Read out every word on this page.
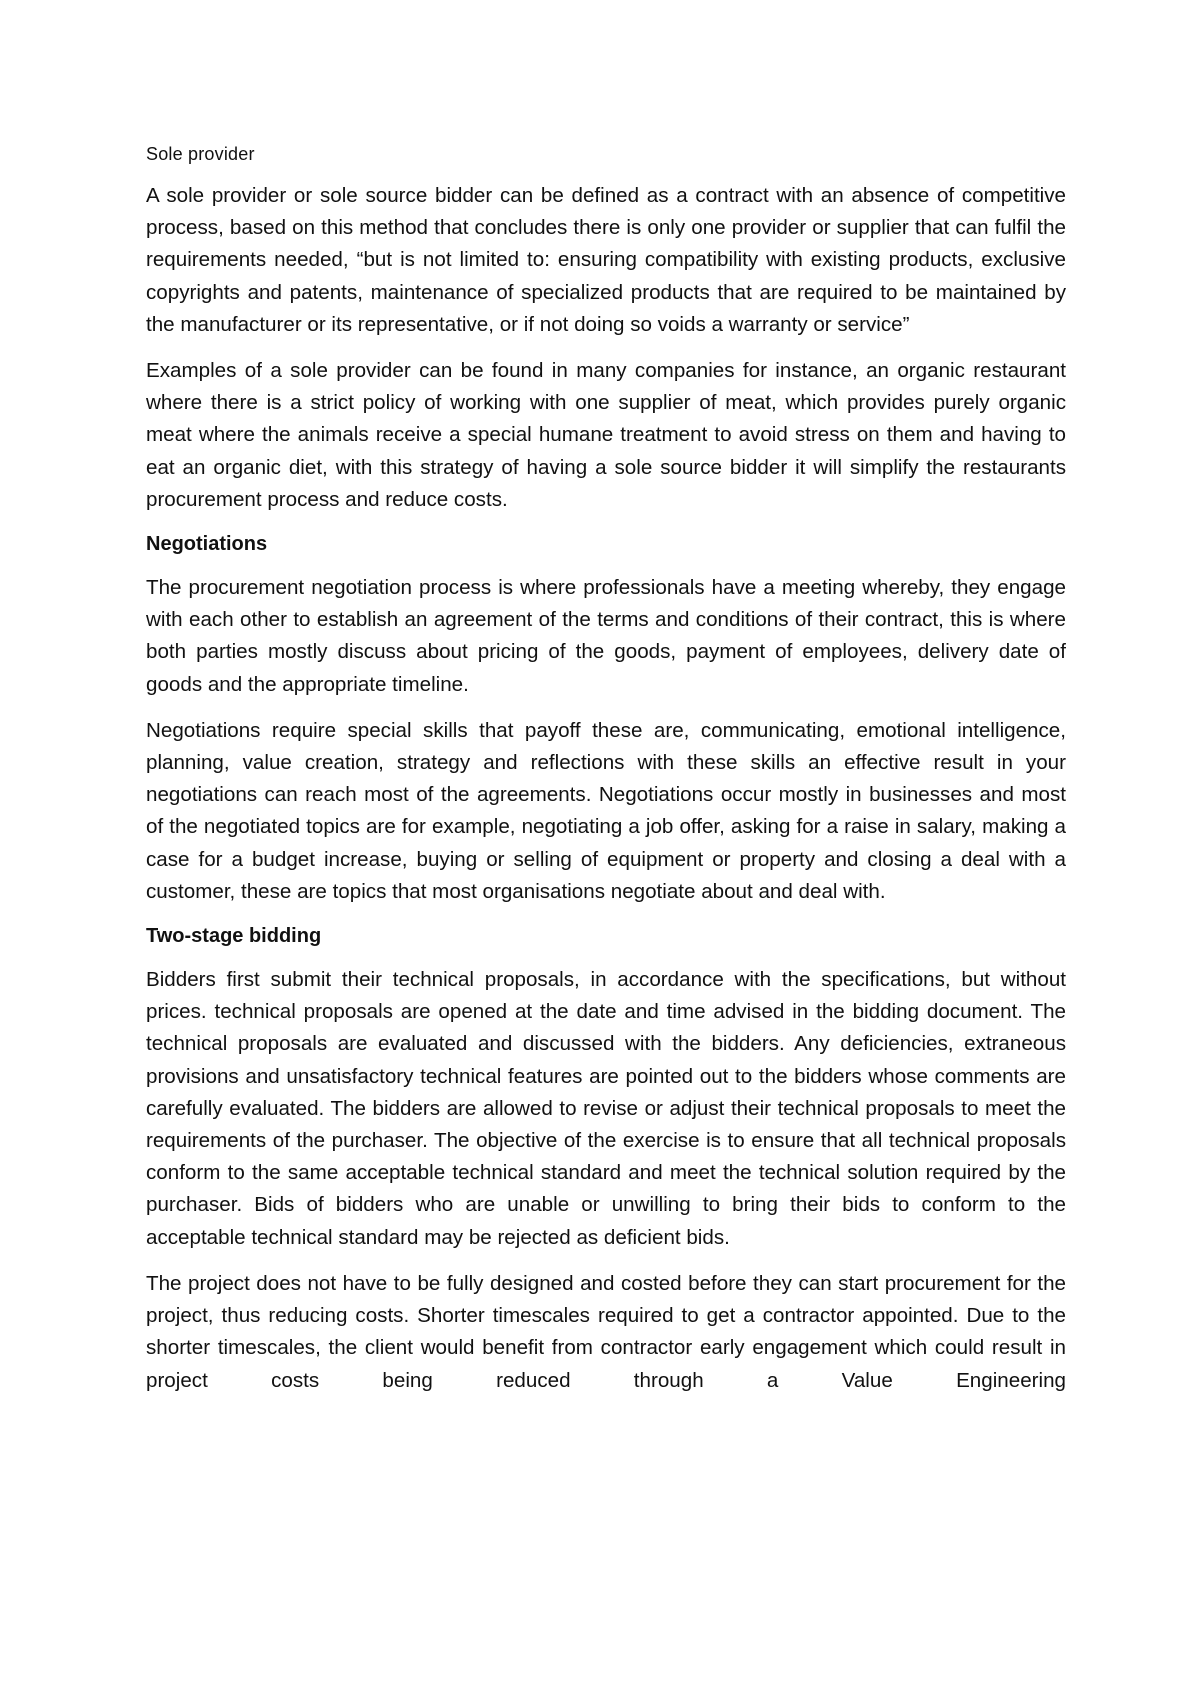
Sole provider

A sole provider or sole source bidder can be defined as a contract with an absence of competitive process, based on this method that concludes there is only one provider or supplier that can fulfil the requirements needed, “but is not limited to: ensuring compatibility with existing products, exclusive copyrights and patents, maintenance of specialized products that are required to be maintained by the manufacturer or its representative, or if not doing so voids a warranty or service”

Examples of a sole provider can be found in many companies for instance, an organic restaurant where there is a strict policy of working with one supplier of meat, which provides purely organic meat where the animals receive a special humane treatment to avoid stress on them and having to eat an organic diet, with this strategy of having a sole source bidder it will simplify the restaurants procurement process and reduce costs.

Negotiations

The procurement negotiation process is where professionals have a meeting whereby, they engage with each other to establish an agreement of the terms and conditions of their contract, this is where both parties mostly discuss about pricing of the goods, payment of employees, delivery date of goods and the appropriate timeline.

Negotiations require special skills that payoff these are, communicating, emotional intelligence, planning, value creation, strategy and reflections with these skills an effective result in your negotiations can reach most of the agreements. Negotiations occur mostly in businesses and most of the negotiated topics are for example, negotiating a job offer, asking for a raise in salary, making a case for a budget increase, buying or selling of equipment or property and closing a deal with a customer, these are topics that most organisations negotiate about and deal with.

Two-stage bidding

Bidders first submit their technical proposals, in accordance with the specifications, but without prices. technical proposals are opened at the date and time advised in the bidding document. The technical proposals are evaluated and discussed with the bidders. Any deficiencies, extraneous provisions and unsatisfactory technical features are pointed out to the bidders whose comments are carefully evaluated. The bidders are allowed to revise or adjust their technical proposals to meet the requirements of the purchaser. The objective of the exercise is to ensure that all technical proposals conform to the same acceptable technical standard and meet the technical solution required by the purchaser. Bids of bidders who are unable or unwilling to bring their bids to conform to the acceptable technical standard may be rejected as deficient bids.

The project does not have to be fully designed and costed before they can start procurement for the project, thus reducing costs. Shorter timescales required to get a contractor appointed. Due to the shorter timescales, the client would benefit from contractor early engagement which could result in project costs being reduced through a Value Engineering
